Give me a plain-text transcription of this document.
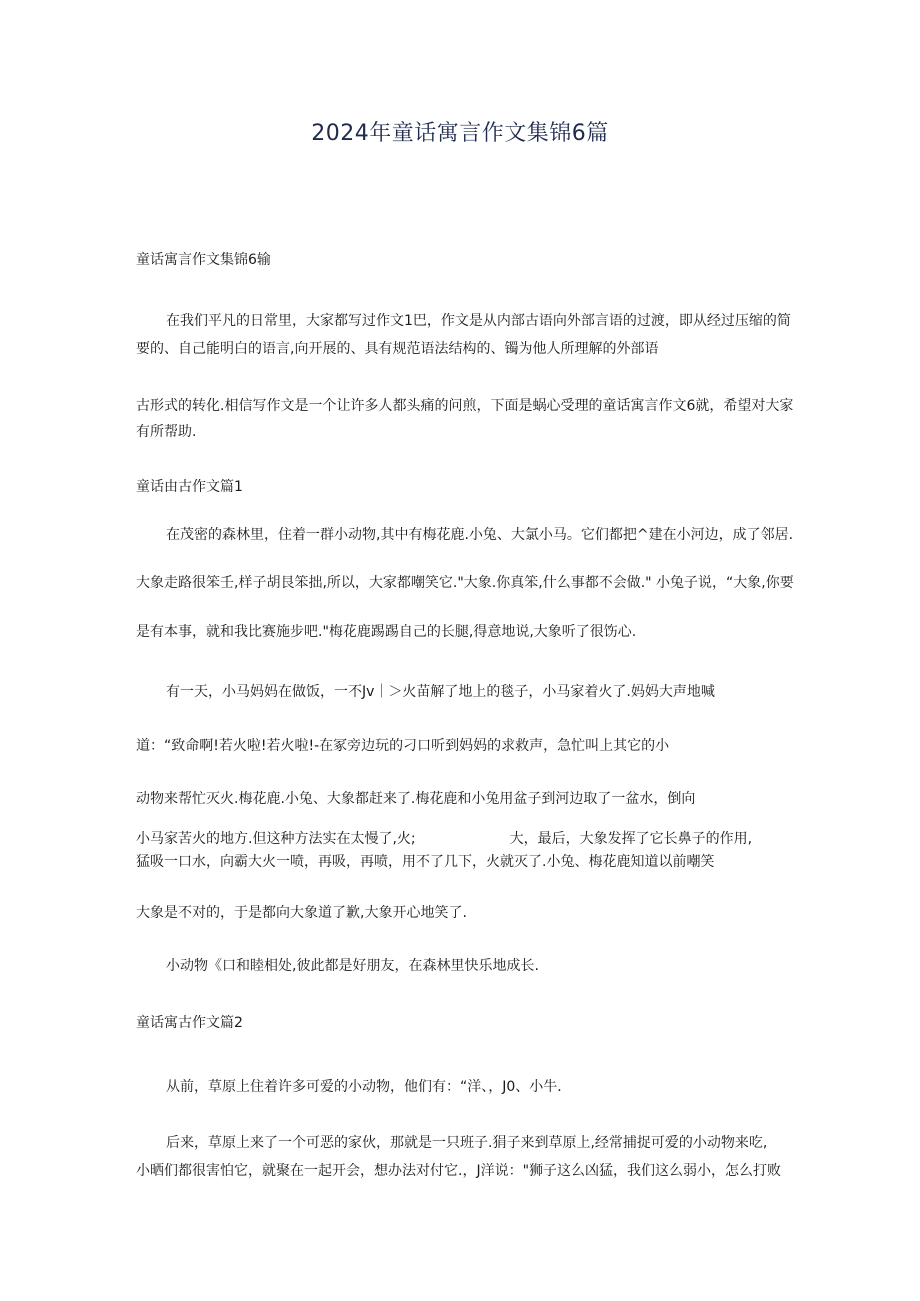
2024年童话寓言作文集锦6篇
童话寓言作文集锦6输
在我们平凡的日常里，大家都写过作文1巴，作文是从内部古语向外部言语的过渡，即从经过压缩的简
要的、自己能明白的语言,向开展的、具有规范语法结构的、镯为他人所理解的外部语
古形式的转化.相信写作文是一个让许多人都头痛的问煎，下面是蜗心受理的童话寓言作文6就，希望对大家
有所帮助.
童话由古作文篇1
在茂密的森林里，住着一群小动物,其中有梅花鹿.小兔、大氯小马。它们都把^建在小河边，成了邻居.
大象走路很笨壬,样子胡艮笨拙,所以，大家都嘲笑它."大象.你真笨,什么事都不会做." 小兔子说，“大象,你要
是有本事，就和我比赛施步吧."梅花鹿踢踢自己的长腿,得意地说,大象听了很饬心.
有一天，小马妈妈在做饭，一不Jv｜＞火苗解了地上的毯子，小马家着火了.妈妈大声地喊
道：“致命啊!若火啦!若火啦!-在冢旁边玩的刁口听到妈妈的求救声，急忙叫上其它的小
动物来帮忙灭火.梅花鹿.小兔、大象都赶来了.梅花鹿和小兔用盆子到河边取了一盆水，倒向
小马家苦火的地方.但这种方法实在太慢了,火;	大，最后，大象发挥了它长鼻子的作用,
猛吸一口水，向霸大火一喷，再吸，再喷，用不了几下，火就灭了.小兔、梅花鹿知道以前嘲笑
大象是不对的，于是都向大象道了歉,大象开心地笑了.
小动物《口和睦相处,彼此都是好朋友，在森林里快乐地成长.
童话寓古作文篇2
从前，草原上住着许多可爱的小动物，他们有：“洋、，J0、小牛.
后来，草原上来了一个可恶的家伙，那就是一只班子.狷子来到草原上,经常捕捉可爱的小动物来吃,
小晒们都很害怕它，就聚在一起开会，想办法对付它.，J洋说："狮子这么凶猛，我们这么弱小，怎么打败
